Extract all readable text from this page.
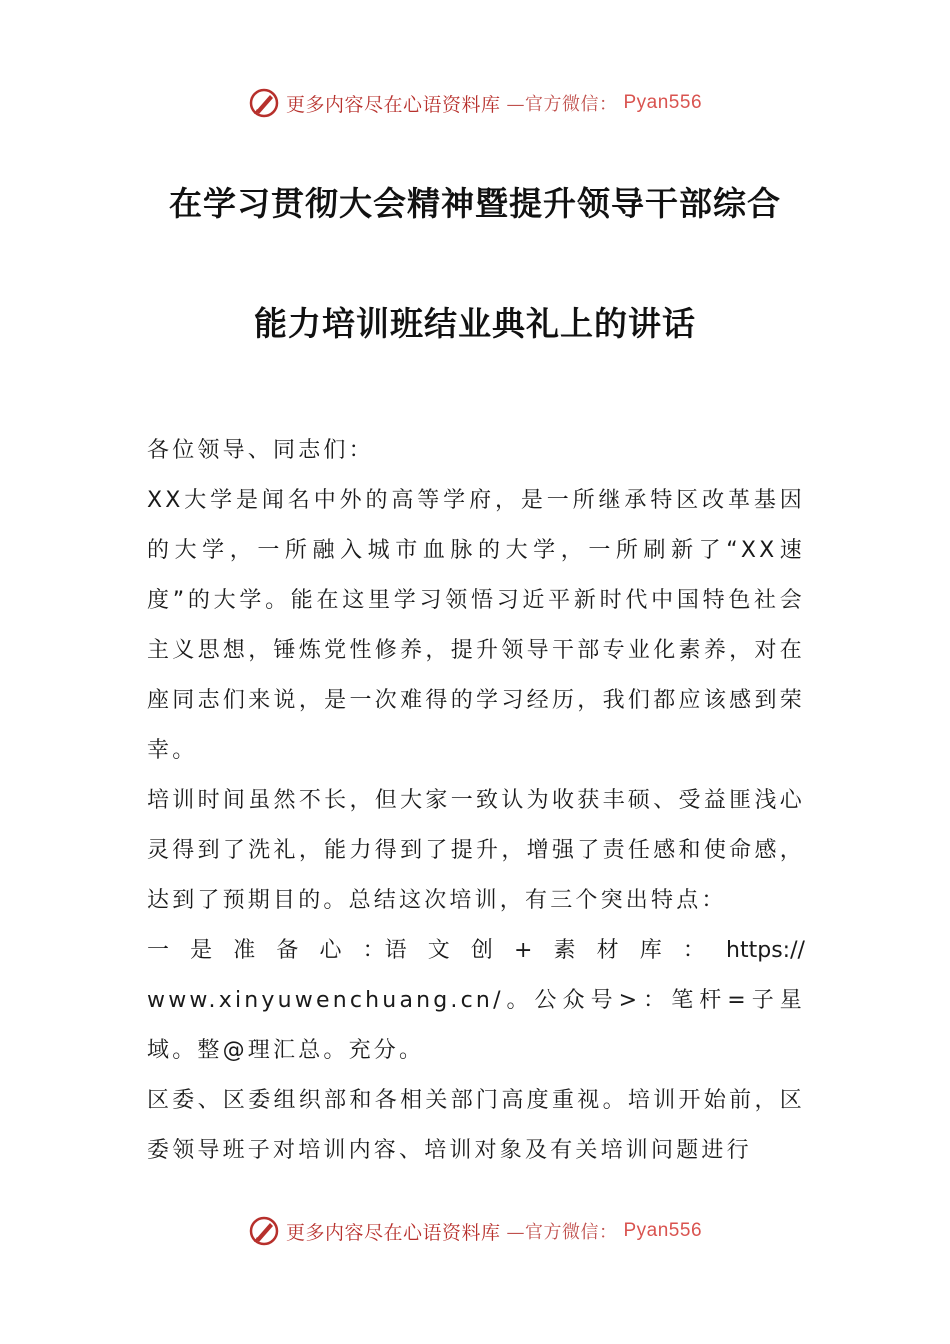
更多内容尽在心语资料库 —官方微信： Pyan556
在学习贯彻大会精神暨提升领导干部综合
能力培训班结业典礼上的讲话

各位领导、同志们：

XX大学是闻名中外的高等学府，是一所继承特区改革基因的大学，一所融入城市血脉的大学，一所刷新了“XX速度”的大学。能在这里学习领悟习近平新时代中国特色社会主义思想，锤炼党性修养，提升领导干部专业化素养，对在座同志们来说，是一次难得的学习经历，我们都应该感到荣幸。

培训时间虽然不长，但大家一致认为收获丰硕、受益匪浅心灵得到了洗礼，能力得到了提升，增强了责任感和使命感，达到了预期目的。总结这次培训，有三个突出特点：

一 是 准 备 心 ：语 文 创 + 素 材 库 ： https://

www.xinyuwenchuang.cn/。公众号>：笔杆=子星域。整@理汇总。充分。

区委、区委组织部和各相关部门高度重视。培训开始前，区委领导班子对培训内容、培训对象及有关培训问题进行

更多内容尽在心语资料库 —官方微信： Pyan556
